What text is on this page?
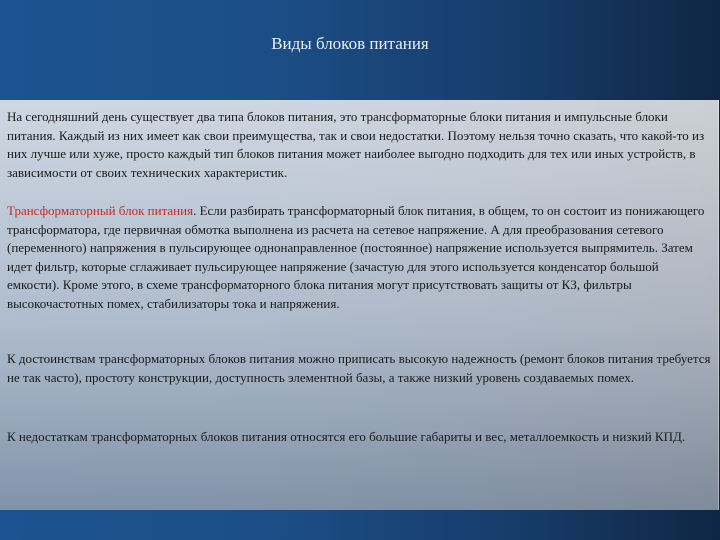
Виды блоков питания

На сегодняшний день существует два типа блоков питания, это трансформаторные блоки питания и импульсные блоки питания. Каждый из них имеет как свои преимущества, так и свои недостатки. Поэтому нельзя точно сказать, что какой-то из них лучше или хуже, просто каждый тип блоков питания может наиболее выгодно подходить для тех или иных устройств, в зависимости от своих технических характеристик.

Трансформаторный блок питания. Если разбирать трансформаторный блок питания, в общем, то он состоит из понижающего трансформатора, где первичная обмотка выполнена из расчета на сетевое напряжение. А для преобразования сетевого (переменного) напряжения в пульсирующее однонаправленное (постоянное) напряжение используется выпрямитель. Затем идет фильтр, которые сглаживает пульсирующее напряжение (зачастую для этого используется конденсатор большой емкости). Кроме этого, в схеме трансформаторного блока питания могут присутствовать защиты от КЗ, фильтры высокочастотных помех, стабилизаторы тока и напряжения.

К достоинствам трансформаторных блоков питания можно приписать высокую надежность (ремонт блоков питания требуется не так часто), простоту конструкции, доступность элементной базы, а также низкий уровень создаваемых помех.

К недостаткам трансформаторных блоков питания относятся его большие габариты и вес, металлоемкость и низкий КПД.
